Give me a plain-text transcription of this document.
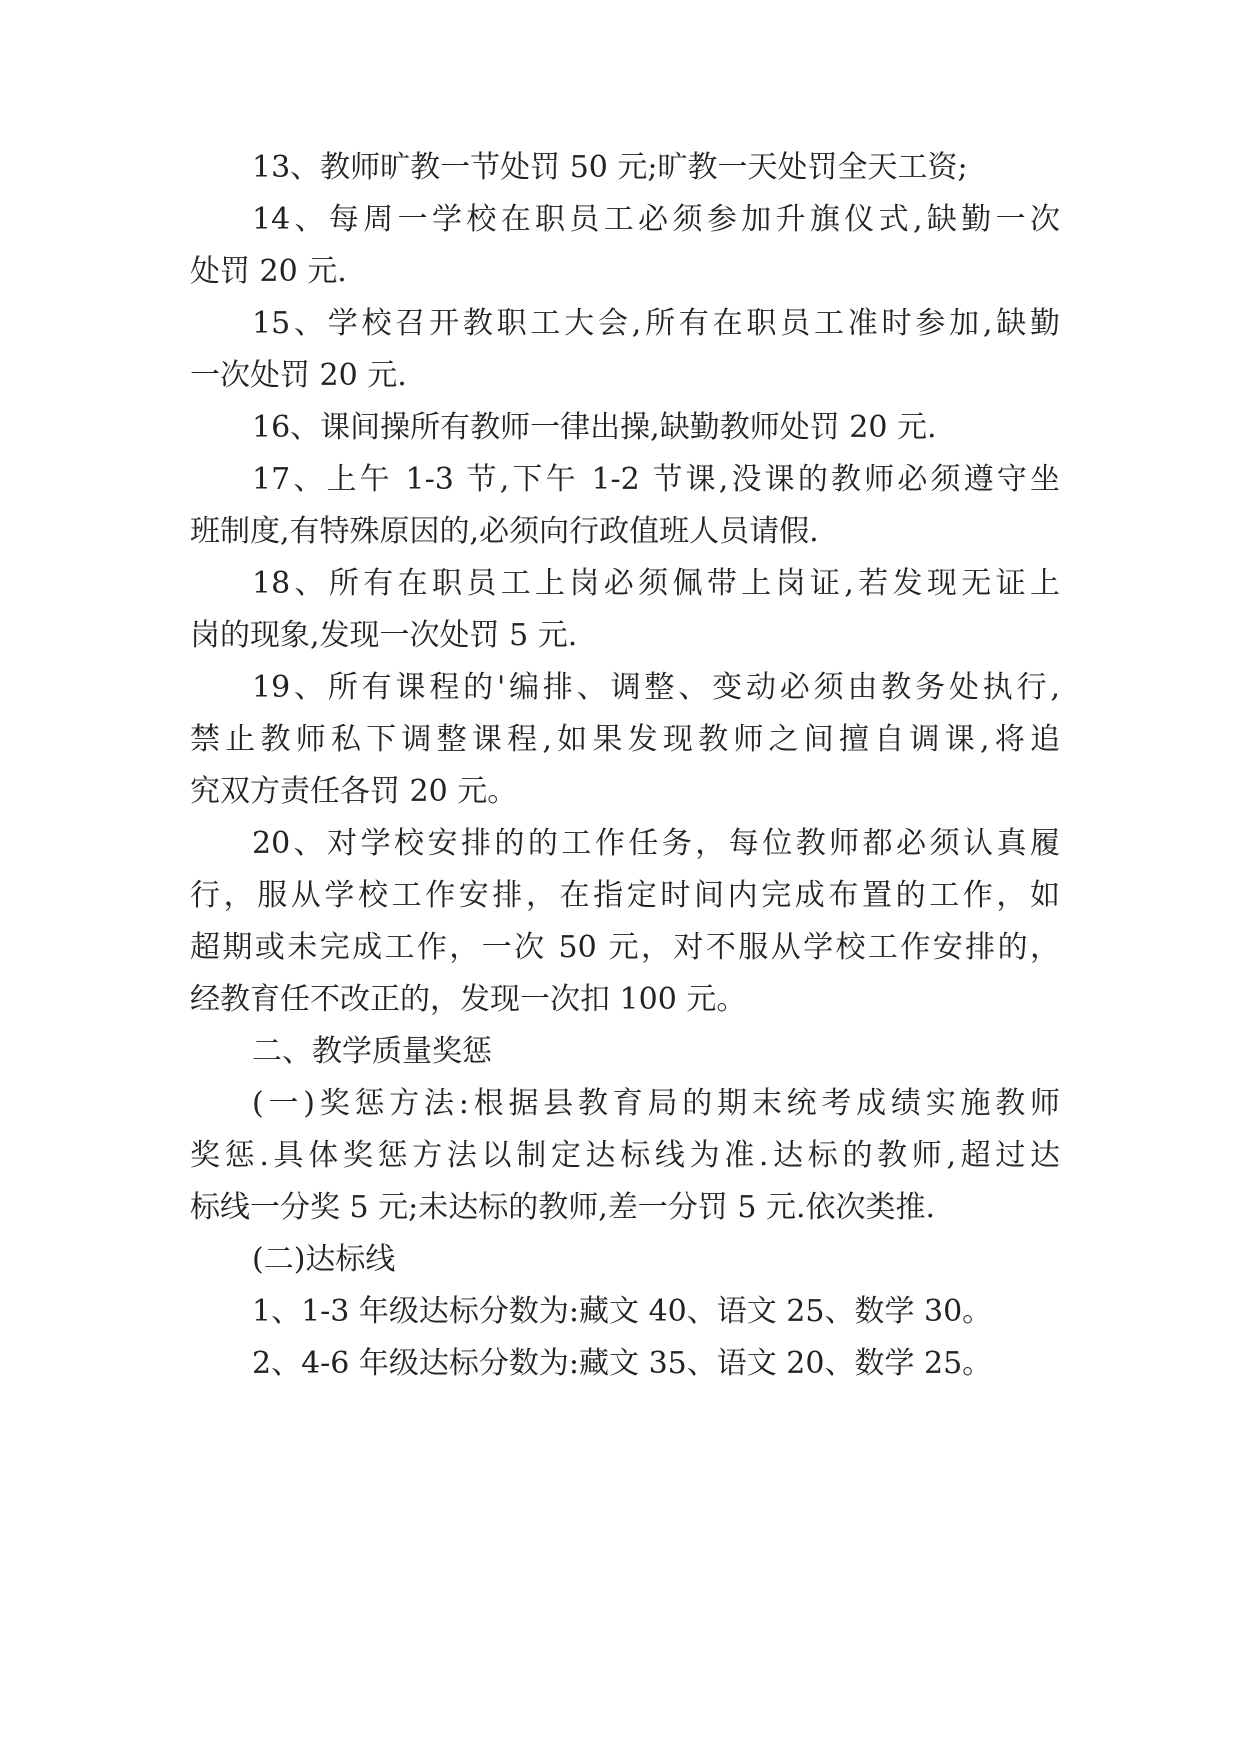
13、教师旷教一节处罚 50 元;旷教一天处罚全天工资;
14、每周一学校在职员工必须参加升旗仪式,缺勤一次
处罚 20 元.
15、学校召开教职工大会,所有在职员工准时参加,缺勤
一次处罚 20 元.
16、课间操所有教师一律出操,缺勤教师处罚 20 元.
17、上午 1-3 节,下午 1-2 节课,没课的教师必须遵守坐
班制度,有特殊原因的,必须向行政值班人员请假.
18、所有在职员工上岗必须佩带上岗证,若发现无证上
岗的现象,发现一次处罚 5 元.
19、所有课程的'编排、调整、变动必须由教务处执行,
禁止教师私下调整课程,如果发现教师之间擅自调课,将追
究双方责任各罚 20 元。
20、对学校安排的的工作任务，每位教师都必须认真履
行，服从学校工作安排，在指定时间内完成布置的工作，如
超期或未完成工作，一次 50 元，对不服从学校工作安排的，
经教育任不改正的，发现一次扣 100 元。
二、教学质量奖惩
(一)奖惩方法:根据县教育局的期末统考成绩实施教师
奖惩.具体奖惩方法以制定达标线为准.达标的教师,超过达
标线一分奖 5 元;未达标的教师,差一分罚 5 元.依次类推.
(二)达标线
1、1-3 年级达标分数为:藏文 40、语文 25、数学 30。
2、4-6 年级达标分数为:藏文 35、语文 20、数学 25。
